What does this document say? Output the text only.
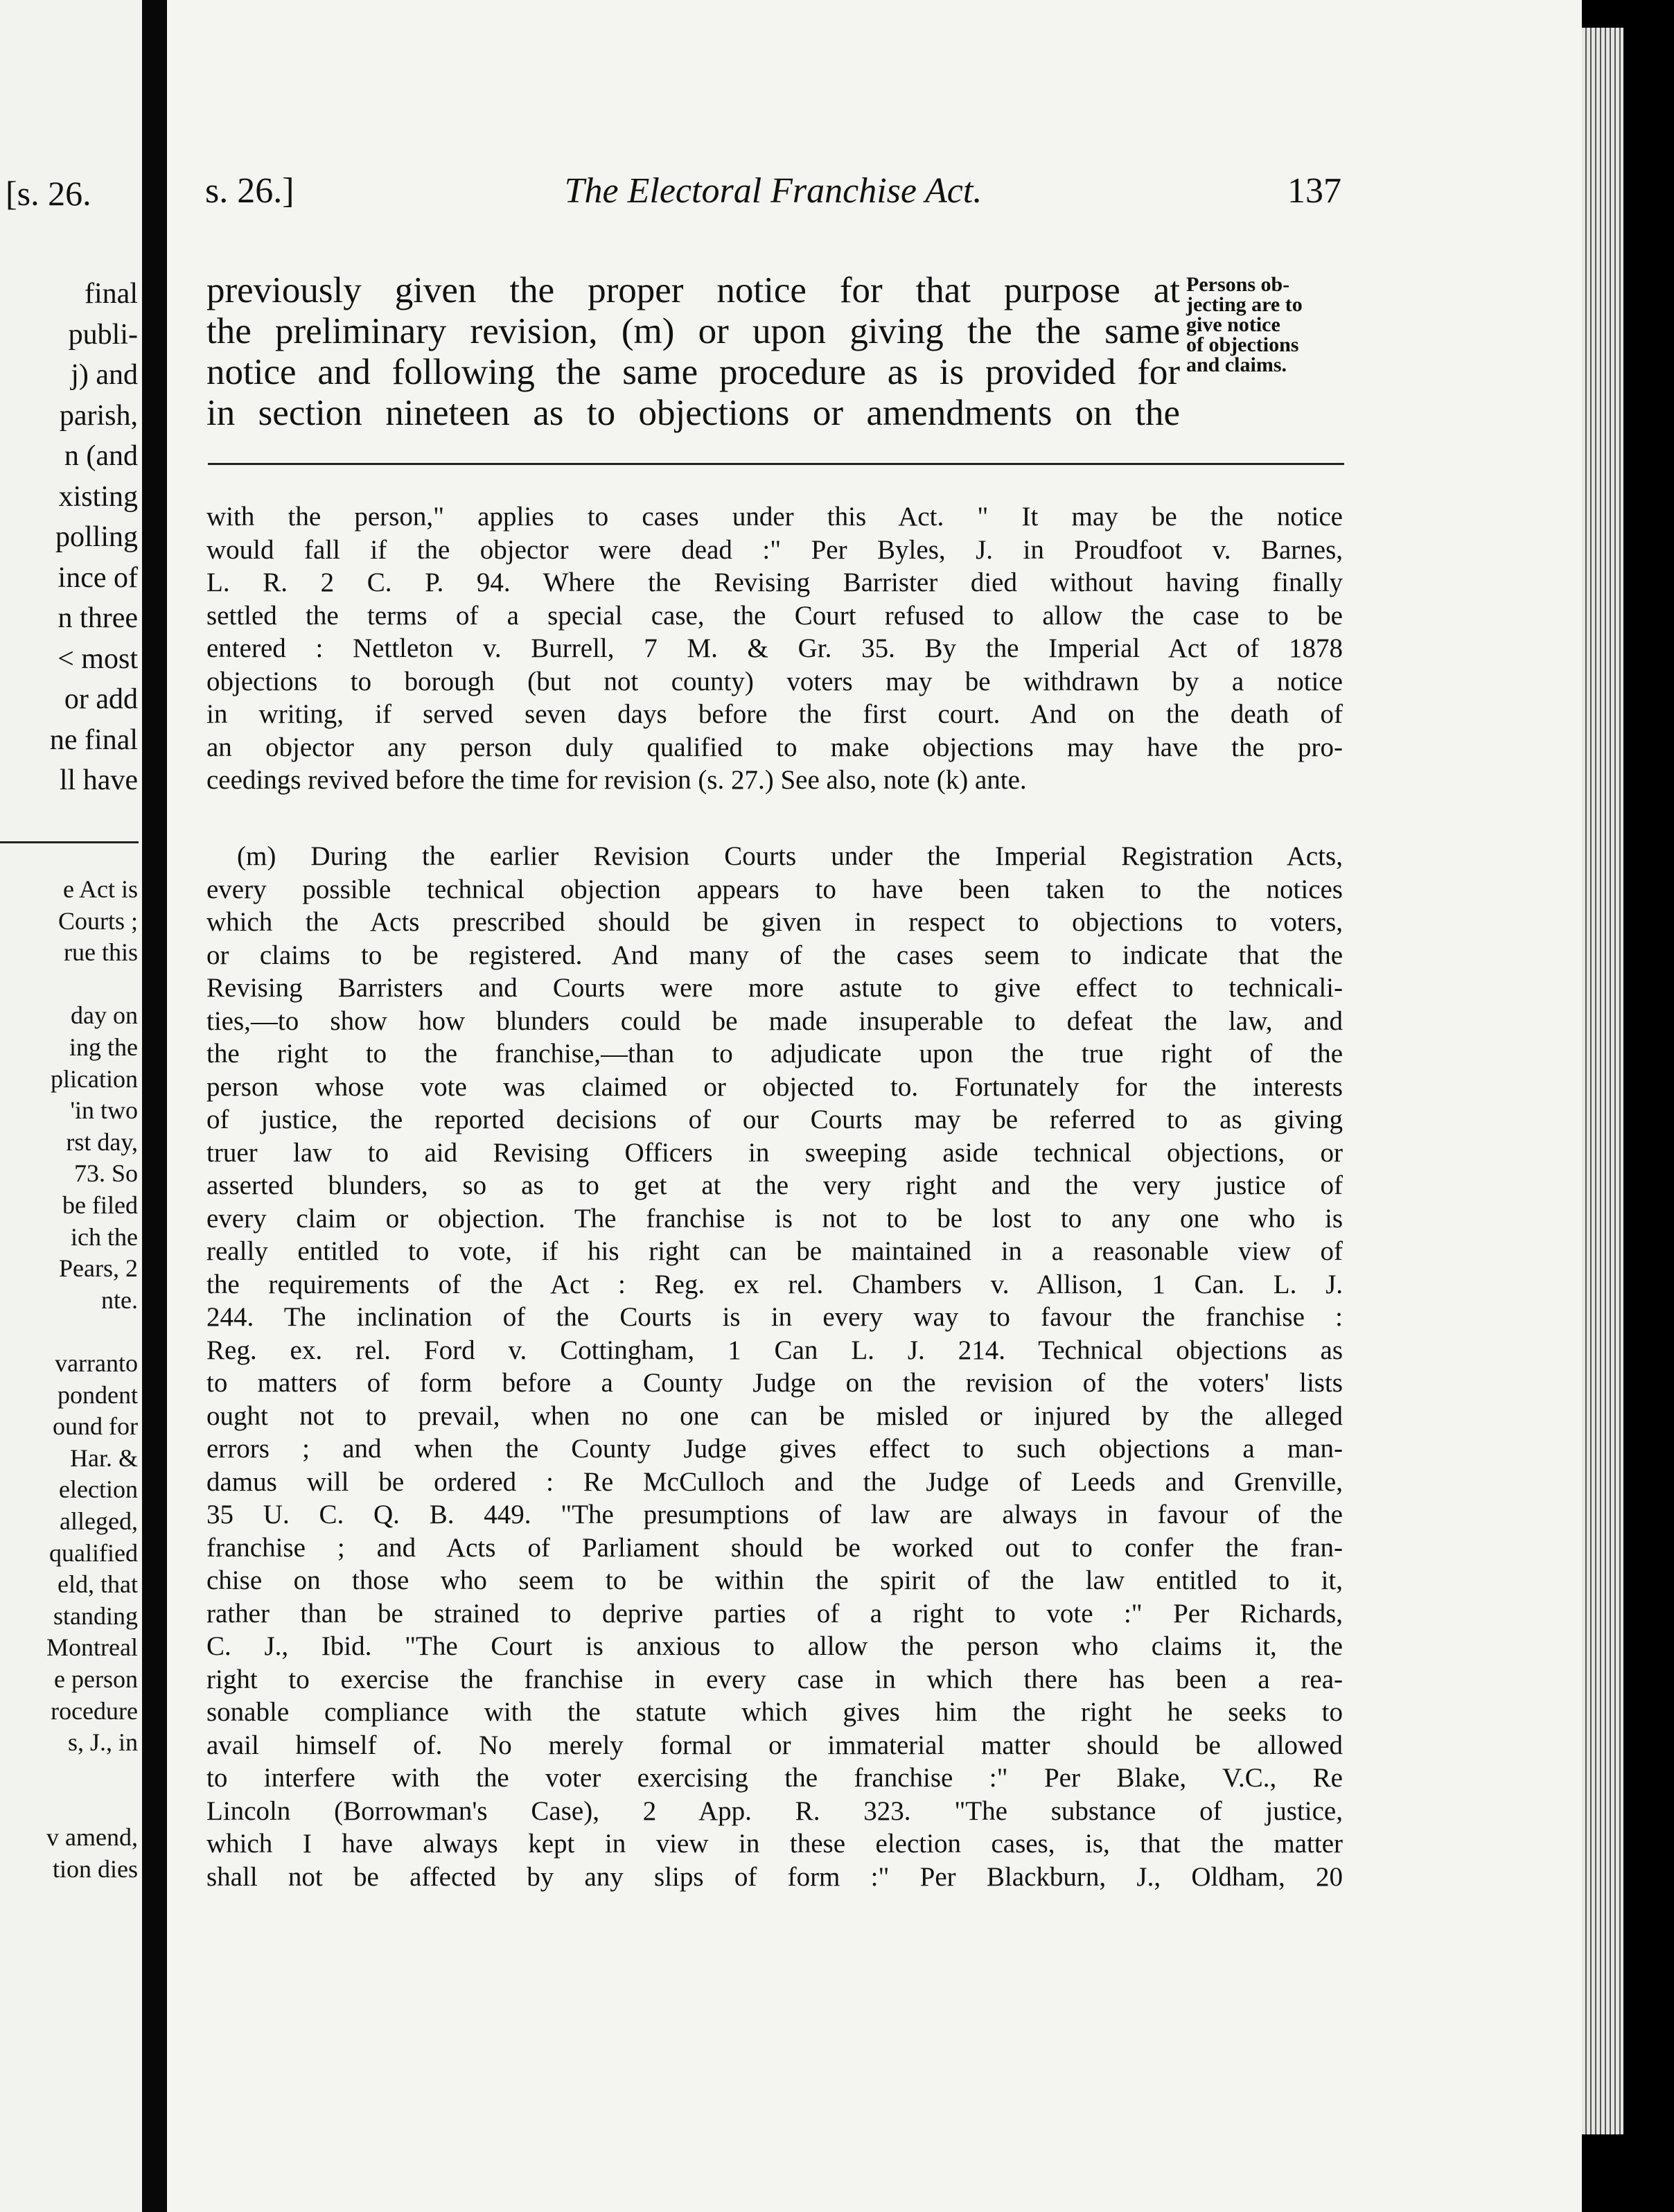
[s. 26.
final
publi-
j) and
parish,
n (and
xisting
polling
ince of
n three
< most
or add
ne final
ll have
e Act is
Courts ;
rue this
day on
ing the
plication
'in two
rst day,
73. So
be filed
ich the
Pears, 2
nte.
varranto
pondent
ound for
Har. &
election
alleged,
qualified
eld, that
standing
Montreal
e person
rocedure
s, J., in
v amend,
tion dies
s. 26.]	The Electoral Franchise Act.	137
previously given the proper notice for that purpose at
the preliminary revision, (m) or upon giving the the same
notice and following the same procedure as is provided for
in section nineteen as to objections or amendments on the
Persons ob-
jecting are to
give notice
of objections
and claims.
with the person," applies to cases under this Act. " It may be the notice
would fall if the objector were dead :" Per Byles, J. in Proudfoot v. Barnes,
L. R. 2 C. P. 94. Where the Revising Barrister died without having finally
settled the terms of a special case, the Court refused to allow the case to be
entered : Nettleton v. Burrell, 7 M. & Gr. 35. By the Imperial Act of 1878
objections to borough (but not county) voters may be withdrawn by a notice
in writing, if served seven days before the first court. And on the death of
an objector any person duly qualified to make objections may have the pro-
ceedings revived before the time for revision (s. 27.) See also, note (k) ante.
(m) During the earlier Revision Courts under the Imperial Registration Acts,
every possible technical objection appears to have been taken to the notices
which the Acts prescribed should be given in respect to objections to voters,
or claims to be registered. And many of the cases seem to indicate that the
Revising Barristers and Courts were more astute to give effect to technicali-
ties,—to show how blunders could be made insuperable to defeat the law, and
the right to the franchise,—than to adjudicate upon the true right of the
person whose vote was claimed or objected to. Fortunately for the interests
of justice, the reported decisions of our Courts may be referred to as giving
truer law to aid Revising Officers in sweeping aside technical objections, or
asserted blunders, so as to get at the very right and the very justice of
every claim or objection. The franchise is not to be lost to any one who is
really entitled to vote, if his right can be maintained in a reasonable view of
the requirements of the Act : Reg. ex rel. Chambers v. Allison, 1 Can. L. J.
244. The inclination of the Courts is in every way to favour the franchise :
Reg. ex. rel. Ford v. Cottingham, 1 Can L. J. 214. Technical objections as
to matters of form before a County Judge on the revision of the voters' lists
ought not to prevail, when no one can be misled or injured by the alleged
errors ; and when the County Judge gives effect to such objections a man-
damus will be ordered : Re McCulloch and the Judge of Leeds and Grenville,
35 U. C. Q. B. 449. "The presumptions of law are always in favour of the
franchise ; and Acts of Parliament should be worked out to confer the fran-
chise on those who seem to be within the spirit of the law entitled to it,
rather than be strained to deprive parties of a right to vote :" Per Richards,
C. J., Ibid. "The Court is anxious to allow the person who claims it, the
right to exercise the franchise in every case in which there has been a rea-
sonable compliance with the statute which gives him the right he seeks to
avail himself of. No merely formal or immaterial matter should be allowed
to interfere with the voter exercising the franchise :" Per Blake, V.C., Re
Lincoln (Borrowman's Case), 2 App. R. 323. "The substance of justice,
which I have always kept in view in these election cases, is, that the matter
shall not be affected by any slips of form :" Per Blackburn, J., Oldham, 20
